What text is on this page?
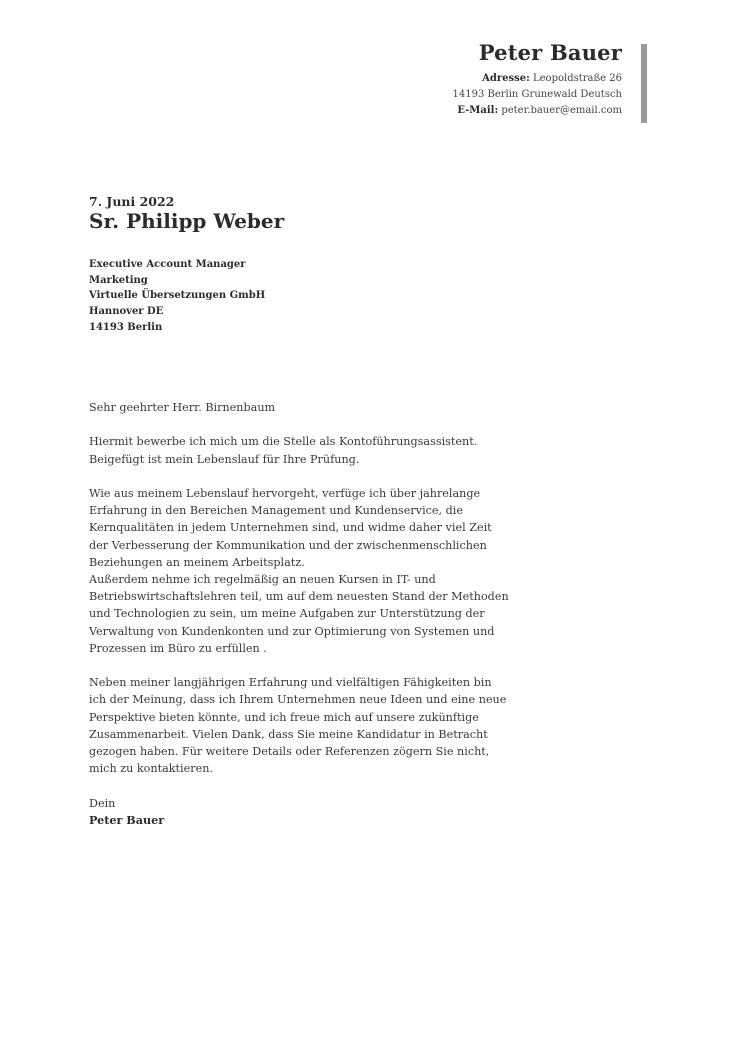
Peter Bauer
Adresse: Leopoldstraße 26
14193 Berlin Grunewald Deutsch
E-Mail: peter.bauer@email.com
7. Juni 2022
Sr. Philipp Weber
Executive Account Manager
Marketing
Virtuelle Übersetzungen GmbH
Hannover DE
14193 Berlin

Sehr geehrter Herr. Birnenbaum

Hiermit bewerbe ich mich um die Stelle als Kontoführungsassistent.
Beigefügt ist mein Lebenslauf für Ihre Prüfung.

Wie aus meinem Lebenslauf hervorgeht, verfüge ich über jahrelange
Erfahrung in den Bereichen Management und Kundenservice, die
Kernqualitäten in jedem Unternehmen sind, und widme daher viel Zeit
der Verbesserung der Kommunikation und der zwischenmenschlichen
Beziehungen an meinem Arbeitsplatz.
Außerdem nehme ich regelmäßig an neuen Kursen in IT- und
Betriebswirtschaftslehren teil, um auf dem neuesten Stand der Methoden
und Technologien zu sein, um meine Aufgaben zur Unterstützung der
Verwaltung von Kundenkonten und zur Optimierung von Systemen und
Prozessen im Büro zu erfüllen .

Neben meiner langjährigen Erfahrung und vielfältigen Fähigkeiten bin
ich der Meinung, dass ich Ihrem Unternehmen neue Ideen und eine neue
Perspektive bieten könnte, und ich freue mich auf unsere zukünftige
Zusammenarbeit. Vielen Dank, dass Sie meine Kandidatur in Betracht
gezogen haben. Für weitere Details oder Referenzen zögern Sie nicht,
mich zu kontaktieren.

Dein
Peter Bauer
